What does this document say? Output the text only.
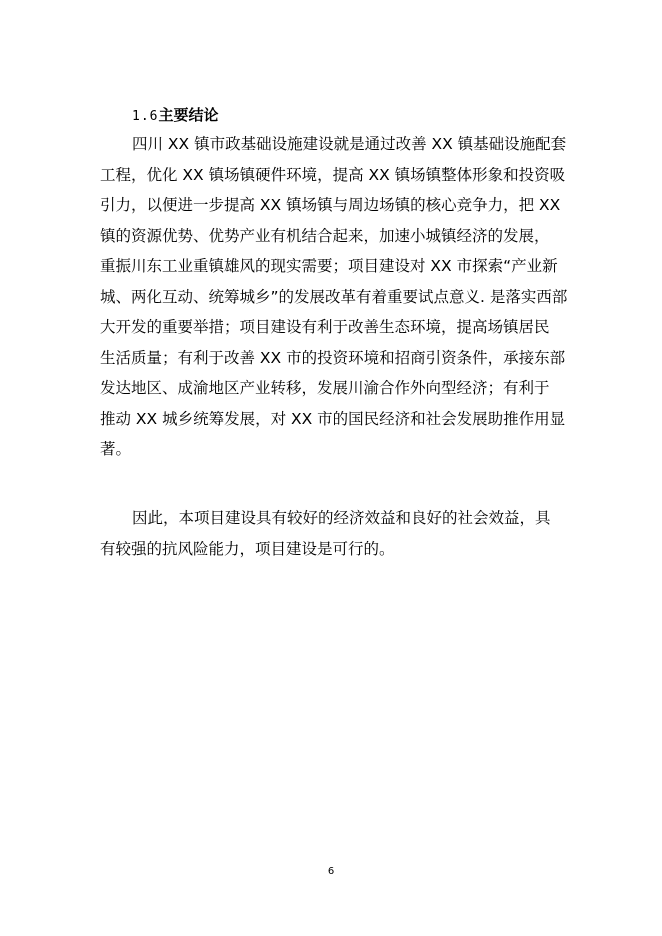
1.6主要结论
四川 XX 镇市政基础设施建设就是通过改善 XX 镇基础设施配套
工程，优化 XX 镇场镇硬件环境，提高 XX 镇场镇整体形象和投资吸
引力，以便进一步提高 XX 镇场镇与周边场镇的核心竞争力，把 XX
镇的资源优势、优势产业有机结合起来，加速小城镇经济的发展，
重振川东工业重镇雄风的现实需要；项目建设对 XX 市探索“产业新
城、两化互动、统筹城乡”的发展改革有着重要试点意义. 是落实西部
大开发的重要举措；项目建设有利于改善生态环境，提高场镇居民
生活质量；有利于改善 XX 市的投资环境和招商引资条件，承接东部
发达地区、成渝地区产业转移，发展川渝合作外向型经济；有利于
推动 XX 城乡统筹发展，对 XX 市的国民经济和社会发展助推作用显
著。
因此，本项目建设具有较好的经济效益和良好的社会效益，具
有较强的抗风险能力，项目建设是可行的。
6
